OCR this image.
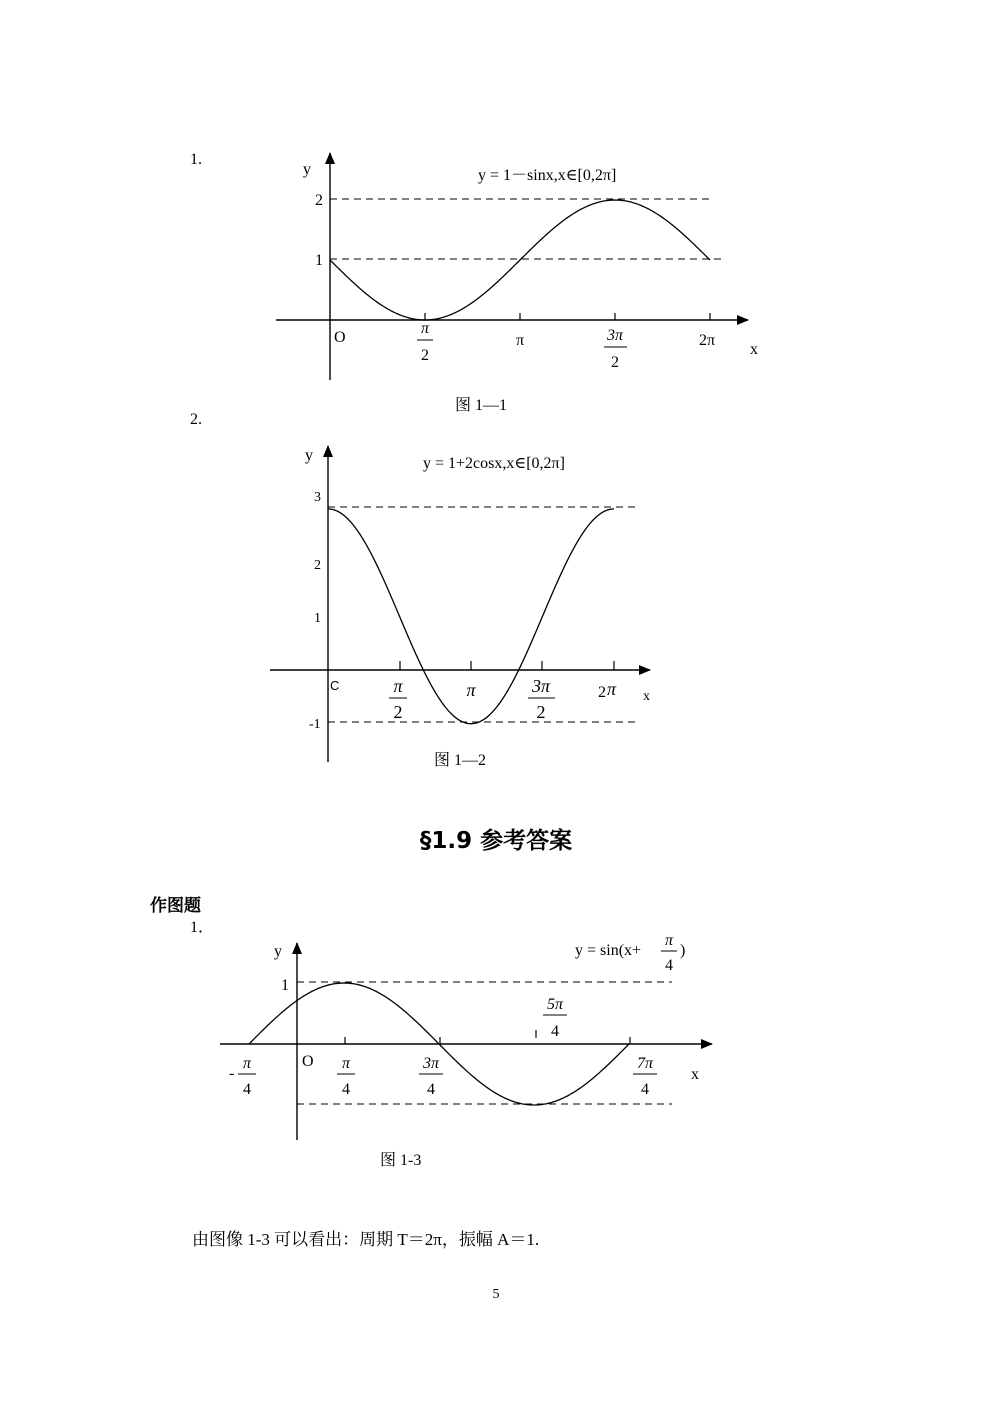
1.
2.
图 1—1
图 1—2
§1.9 参考答案
作图题
1．
图 1-3
由图像 1-3 可以看出：周期 T＝2π，振幅 A＝1.
5
y = 1－sinx,x∈[0,2π]
y
x
O
1
2
π
2
π	3π
2
2π
y = 1+2cosx,x∈[0,2π]
y
x
C
3
2
1
-1
π
2
π	3π
2
2 π
y = sin(x+
π
4
)
y
x
O
1
-
π
4
π
4
3π
4
5π
4
7π
4
